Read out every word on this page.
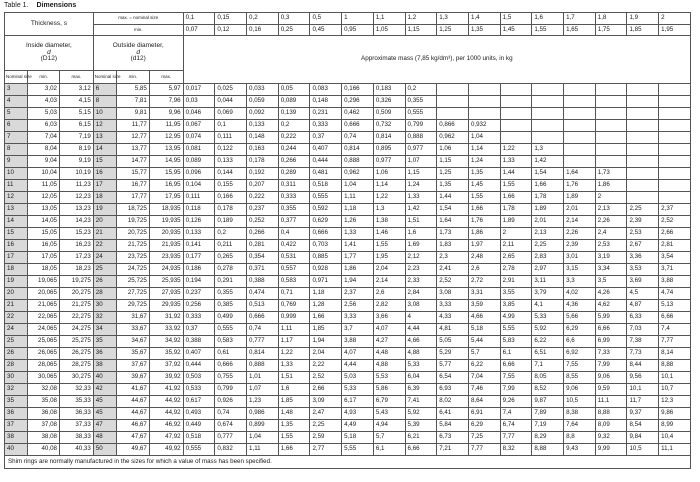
Table 1. Dimensions
Thickness, s			max. = nominal size			0,1	0,15	0,2	0,3	0,5	1	1,1	1,2	1,3	1,4	1,5	1,6	1,7	1,8	1,9	2
			min.			0,07	0,12	0,16	0,25	0,45	0,95	1,05	1,15	1,25	1,35	1,45	1,55	1,65	1,75	1,85	1,95
Inside diameter,
d
(D12)			Outside diameter,
d
(d12)			Approximate mass (7,85 kg/dm³), per 1000 units, in kg															
Nominal size	min.	max.	Nominal size	min.	max.																
3	3,02	3,12	6	5,85	5,97	0,017	0,025	0,033	0,05	0,083	0,166	0,183	0,2								
4	4,03	4,15	8	7,81	7,96	0,03	0,044	0,059	0,089	0,148	0,296	0,326	0,355								
5	5,03	5,15	10	9,81	9,96	0,046	0,069	0,092	0,139	0,231	0,462	0,509	0,555								
6	6,03	6,15	12	11,77	11,95	0,067	0,1	0,133	0,2	0,333	0,666	0,732	0,799	0,866	0,932						
7	7,04	7,19	13	12,77	12,95	0,074	0,111	0,148	0,222	0,37	0,74	0,814	0,888	0,962	1,04						
8	8,04	8,19	14	13,77	13,95	0,081	0,122	0,163	0,244	0,407	0,814	0,895	0,977	1,06	1,14	1,22	1,3				
9	9,04	9,19	15	14,77	14,95	0,089	0,133	0,178	0,266	0,444	0,888	0,977	1,07	1,15	1,24	1,33	1,42				
10	10,04	10,19	16	15,77	15,95	0,096	0,144	0,192	0,289	0,481	0,962	1,06	1,15	1,25	1,35	1,44	1,54	1,64	1,73		
11	11,05	11,23	17	16,77	16,95	0,104	0,155	0,207	0,311	0,518	1,04	1,14	1,24	1,35	1,45	1,55	1,66	1,76	1,86		
12	12,05	12,23	18	17,77	17,95	0,111	0,166	0,222	0,333	0,555	1,11	1,22	1,33	1,44	1,55	1,66	1,78	1,89	2		
13	13,05	13,23	19	18,725	18,935	0,118	0,178	0,237	0,355	0,592	1,18	1,3	1,42	1,54	1,66	1,78	1,89	2,01	2,13	2,25	2,37
14	14,05	14,23	20	19,725	19,935	0,126	0,189	0,252	0,377	0,629	1,26	1,38	1,51	1,64	1,76	1,89	2,01	2,14	2,26	2,39	2,52
15	15,05	15,23	21	20,725	20,935	0,133	0,2	0,266	0,4	0,666	1,33	1,46	1,6	1,73	1,86	2	2,13	2,26	2,4	2,53	2,66
16	16,05	16,23	22	21,725	21,935	0,141	0,211	0,281	0,422	0,703	1,41	1,55	1,69	1,83	1,97	2,11	2,25	2,39	2,53	2,67	2,81
17	17,05	17,23	24	23,725	23,935	0,177	0,265	0,354	0,531	0,885	1,77	1,95	2,12	2,3	2,48	2,65	2,83	3,01	3,19	3,36	3,54
18	18,05	18,23	25	24,725	24,935	0,186	0,278	0,371	0,557	0,928	1,86	2,04	2,23	2,41	2,6	2,78	2,97	3,15	3,34	3,53	3,71
19	19,065	19,275	26	25,725	25,935	0,194	0,291	0,388	0,583	0,971	1,94	2,14	2,33	2,52	2,72	2,91	3,11	3,3	3,5	3,69	3,88
20	20,065	20,275	28	27,725	27,935	0,237	0,355	0,474	0,71	1,18	2,37	2,6	2,84	3,08	3,31	3,55	3,79	4,02	4,26	4,5	4,74
21	21,065	21,275	30	29,725	29,935	0,256	0,385	0,513	0,769	1,28	2,56	2,82	3,08	3,33	3,59	3,85	4,1	4,36	4,62	4,87	5,13
22	22,065	22,275	32	31,67	31,92	0,333	0,499	0,666	0,999	1,66	3,33	3,66	4	4,33	4,66	4,99	5,33	5,66	5,99	6,33	6,66
24	24,065	24,275	34	33,67	33,92	0,37	0,555	0,74	1,11	1,85	3,7	4,07	4,44	4,81	5,18	5,55	5,92	6,29	6,66	7,03	7,4
25	25,065	25,275	35	34,67	34,92	0,388	0,583	0,777	1,17	1,94	3,88	4,27	4,66	5,05	5,44	5,83	6,22	6,6	6,99	7,38	7,77
26	26,065	26,275	36	35,67	35,92	0,407	0,61	0,814	1,22	2,04	4,07	4,48	4,88	5,29	5,7	6,1	6,51	6,92	7,33	7,73	8,14
28	28,065	28,275	38	37,67	37,92	0,444	0,666	0,888	1,33	2,22	4,44	4,88	5,33	5,77	6,22	6,66	7,1	7,55	7,99	8,44	8,88
30	30,065	30,275	40	39,67	39,92	0,503	0,755	1,01	1,51	2,52	5,03	5,53	6,04	6,54	7,04	7,55	8,05	8,55	9,06	9,56	10,1
32	32,08	32,33	42	41,67	41,92	0,533	0,799	1,07	1,6	2,66	5,33	5,86	6,39	6,93	7,46	7,99	8,52	9,06	9,59	10,1	10,7
35	35,08	35,33	45	44,67	44,92	0,617	0,926	1,23	1,85	3,09	6,17	6,79	7,41	8,02	8,64	9,26	9,87	10,5	11,1	11,7	12,3
36	36,08	36,33	45	44,67	44,92	0,493	0,74	0,986	1,48	2,47	4,93	5,43	5,92	6,41	6,91	7,4	7,89	8,38	8,88	9,37	9,86
37	37,08	37,33	47	46,67	46,92	0,449	0,674	0,899	1,35	2,25	4,49	4,94	5,39	5,84	6,29	6,74	7,19	7,64	8,09	8,54	8,99
38	38,08	38,33	48	47,67	47,92	0,518	0,777	1,04	1,55	2,59	5,18	5,7	6,21	6,73	7,25	7,77	8,29	8,8	9,32	9,84	10,4
40	40,08	40,33	50	49,67	49,92	0,555	0,832	1,11	1,66	2,77	5,55	6,1	6,66	7,21	7,77	8,32	8,88	9,43	9,99	10,5	11,1
Shim rings are normally manufactured in the sizes for which a value of mass has been specified.																					
